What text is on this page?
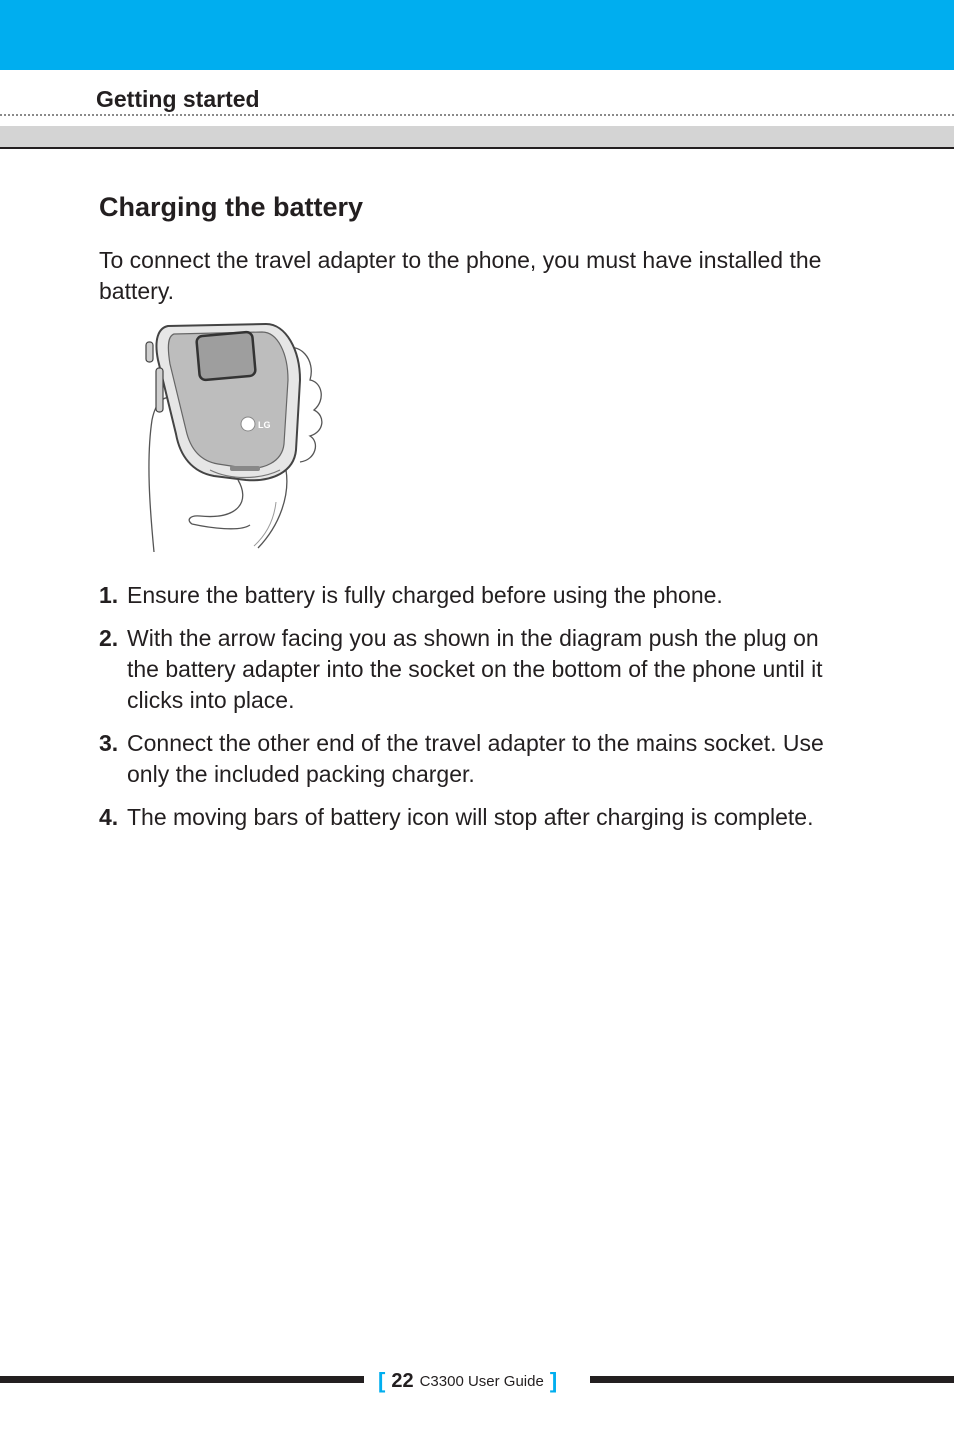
Getting started
Charging the battery

To connect the travel adapter to the phone, you must have installed the battery.

LG
1. Ensure the battery is fully charged before using the phone.
2. With the arrow facing you as shown in the diagram push the plug on the battery adapter into the socket on the bottom of the phone until it clicks into place.
3. Connect the other end of the travel adapter to the mains socket. Use only the included packing charger.
4. The moving bars of battery icon will stop after charging is complete.
[ 22 C3300 User Guide ]
